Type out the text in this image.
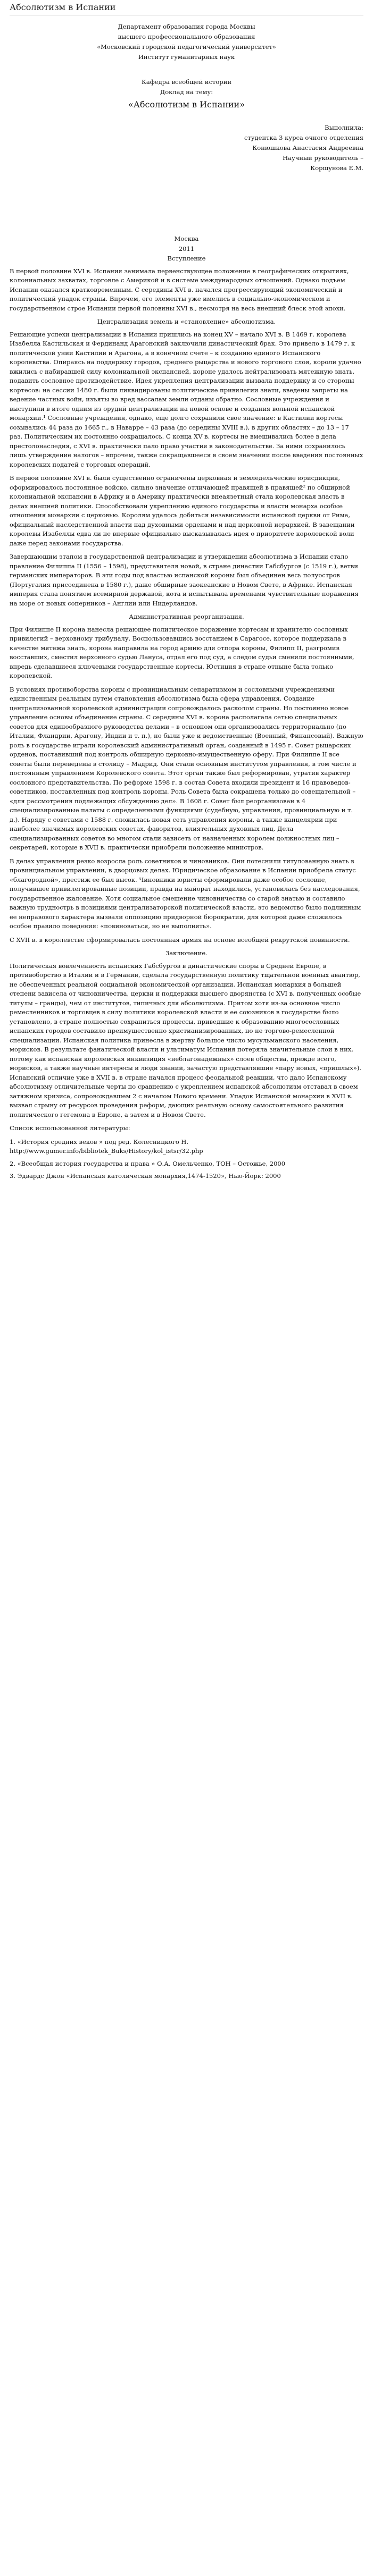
Абсолютизм в Испании

Департамент образования города Москвы

высшего профессионального образования

«Московский городской педагогический университет»

Институт гуманитарных наук

Кафедра всеобщей истории

Доклад на тему:

«Абсолютизм в Испании»

Выполнила:

студентка 3 курса очного отделения

Конюшкова Анастасия Андреевна

Научный руководитель –

Коршунова Е.М.

Москва

2011

Вступление

В первой половине XVI в. Испания занимала первенствующее положение в географических открытиях, колониальных захватах, торговле с Америкой и в системе международных отношений. Однако подъем Испании оказался кратковременным. С середины XVI в. начался прогрессирующий экономический и политический упадок страны. Впрочем, его элементы уже имелись в социально-экономическом и государственном строе Испании первой половины XVI в., несмотря на весь внешний блеск этой эпохи.

Централизация земель и «становление» абсолютизма.

Решающие успехи централизации в Испании пришлись на конец XV – начало XVI в. В 1469 г. королева Изабелла Кастильская и Фердинанд Арагонский заключили династический брак. Это привело в 1479 г. к политической унии Кастилии и Арагона, а в конечном счете – к созданию единого Испанского королевства. Опираясь на поддержку городов, среднего рыцарства и нового торгового слоя, короли удачно вжились с набиравшей силу колониальной экспансией, короне удалось нейтрализовать мятежную знать, подавить сословное противодействие. Идея укрепления централизации вызвала поддержку и со стороны кортесов: на сессии 1480 г. были ликвидированы политические привилегии знати, введены запреты на ведение частных войн, изъяты во вред вассалам земли отданы обратно. Сословные учреждения и выступили в итоге одним из орудий централизации на новой основе и создания вольной испанской монархии.¹ Сословные учреждения, однако, еще долго сохранили свое значение: в Кастилии кортесы созывались 44 раза до 1665 г., в Наварре – 43 раза (до середины XVIII в.), в других областях – до 13 – 17 раз. Политическим их постоянно сокращалось. С конца XV в. кортесы не вмешивались более в дела престолонаследия, с XVI в. практически пало право участия в законодательстве. За ними сохранилось лишь утверждение налогов – впрочем, также сокращавшееся в своем значении после введения постоянных королевских податей с торговых операций.

В первой половине XVI в. были существенно ограничены церковная и земледельческие юрисдикция, сформировалось постоянное войско, сильно значение отличающей правящей в правящей² по обширной колониальной экспансии в Африку и в Америку практически внеаязетный стала королевская власть в делах внешней политики. Способствовали укреплению единого государства и власти монарха особые отношения монархии с церковью. Королям удалось добиться независимости испанской церкви от Рима, официальный наследственной власти над духовными орденами и над церковной иерархией. В завещании королевы Изабеллы едва ли не впервые официально высказывалась идея о приоритете королевской воли даже перед законами государства.

Завершающим этапом в государственной централизации и утверждении абсолютизма в Испании стало правление Филиппа II (1556 – 1598), представителя новой, в стране династии Габсбургов (с 1519 г.), ветви германских императоров. В эти годы под властью испанской короны был объединен весь полуостров (Португалия присоединена в 1580 г.), даже обширные заокеанские в Новом Свете, в Африке. Испанская империя стала понятием всемирной державой, кота и испытывала временами чувствительные поражения на море от новых соперников – Англии или Нидерландов.

Административная реорганизация.

При Филиппе II корона нанесла решающее политическое поражение кортесам и хранителю сословных привилегий – верховному трибуналу. Воспользовавшись восстанием в Сарагосе, которое поддержала в качестве мятежа знать, корона направила на город армию для отпора короны, Филипп II, разгромив восставших, сместил верховного судью Лануса, отдал его под суд, а следом судьи сменили постоянными, впредь сделавшиеся ключевыми государственные кортесы. Юстиция в стране отныне была только королевской.

В условиях противоборства короны с провинциальным сепаратизмом и сословными учреждениями единственным реальным путем становления абсолютизма была сфера управления. Создание централизованной королевской администрации сопровождалось расколом страны. Но постоянно новое управление основы объединение страны. С середины XVI в. корона располагала сетью специальных советов для единообразного руководства делами – в основном они организовались территориально (по Италии, Фландрии, Арагону, Индии и т. п.), но были уже и ведомственные (Военный, Финансовый). Важную роль в государстве играли королевский административный орган, созданный в 1495 г. Совет рыцарских орденов, поставивший под контроль обширную церковно-имущественную сферу. При Филиппе II все советы были переведены в столицу – Мадрид. Они стали основным институтом управления, в том числе и постоянным управлением Королевского совета. Этот орган также был реформирован, утратив характер сословного представительства. По реформе 1598 г. в состав Совета входили президент и 16 правоведов-советников, поставленных под контроль короны. Роль Совета была сокращена только до совещательной – «для рассмотрения подлежащих обсуждению дел». В 1608 г. Совет был реорганизован в 4 специализированные палаты с определенными функциями (судебную, управления, провинциальную и т. д.). Наряду с советами с 1588 г. сложилась новая сеть управления короны, а также канцелярии при наиболее значимых королевских советах, фаворитов, влиятельных духовных лиц. Дела специализированных советов во многом стали зависеть от назначенных королем должностных лиц – секретарей, которые в XVII в. практически приобрели положение министров.

В делах управления резко возросла роль советников и чиновников. Они потеснили титулованную знать в провинциальном управлении, в дворцовых делах. Юридическое образование в Испании приобрела статус «благородной», престиж ее был высок. Чиновники юристы сформировали даже особое сословие, получившее привилегированные позиции, правда на майорат находились, установилась без наследования, государственное жалование. Хотя социальное смешение чиновничества со старой знатью и составило важную труднострь в позициями централизаторской политической власти, это ведомство было подлинным ее неправового характера вызвали оппозицию придворной бюрократии, для которой даже сложилось особое правило поведения: «повиноваться, но не выполнять».

С XVII в. в королевстве сформировалась постоянная армия на основе всеобщей рекрутской повинности.

Заключение.

Политическая вовлеченность испанских Габсбургов в династические споры в Средней Европе, в противоборство в Италии и в Германии, сделала государственную политику тщательной военных авантюр, не обеспеченных реальной социальной экономической организации. Испанская монархия в большей степени зависела от чиновничества, церкви и поддержки высшего дворянства (с XVI в. полученных особые титулы – гранды), чем от институтов, типичных для абсолютизма. Притом хотя из-за основное число ремесленников и торговцев в силу политики королевской власти и ее союзников в государстве было установлено, в стране полностью сохраниться процессы, приведшие к образованию многосословных испанских городов составило преимущественно христианизированных, но не торгово-ремесленной специализации. Испанская политика принесла в жертву большое число мусульманского населения, морисков. В результате фанатической власти и ультиматум Испания потеряла значительные слои в них, потому как испанская королевская инквизиция «неблагонадежных» слоев общества, прежде всего, морисков, а также научные интересы и люди знаний, зачастую представлявшие «пару новых, «пришлых»). Испанский отличие уже в XVII в. в стране начался процесс феодальной реакции, что дало Испанскому абсолютизму отличительные черты по сравнению с укреплением испанской абсолютизм отставал в своем затяжном кризиса, сопровождавшем 2 с началом Нового времени. Упадок Испанской монархии в XVII в. вызвал стрыну от ресурсов проведения реформ, дающих реальную основу самостоятельного развития политического гегемона в Европе, а затем и в Новом Свете.

Список использованной литературы:

1. «История средних веков » под ред. Колесницкого Н. http://www.gumer.info/bibliotek_Buks/History/kol_istsr/32.php
2. «Всеобщая история государства и права » О.А. Омельченко, ТОН – Остожье, 2000
3. Эдвардс Джон «Испанская католическая монархия,1474-1520», Нью-Йорк: 2000
